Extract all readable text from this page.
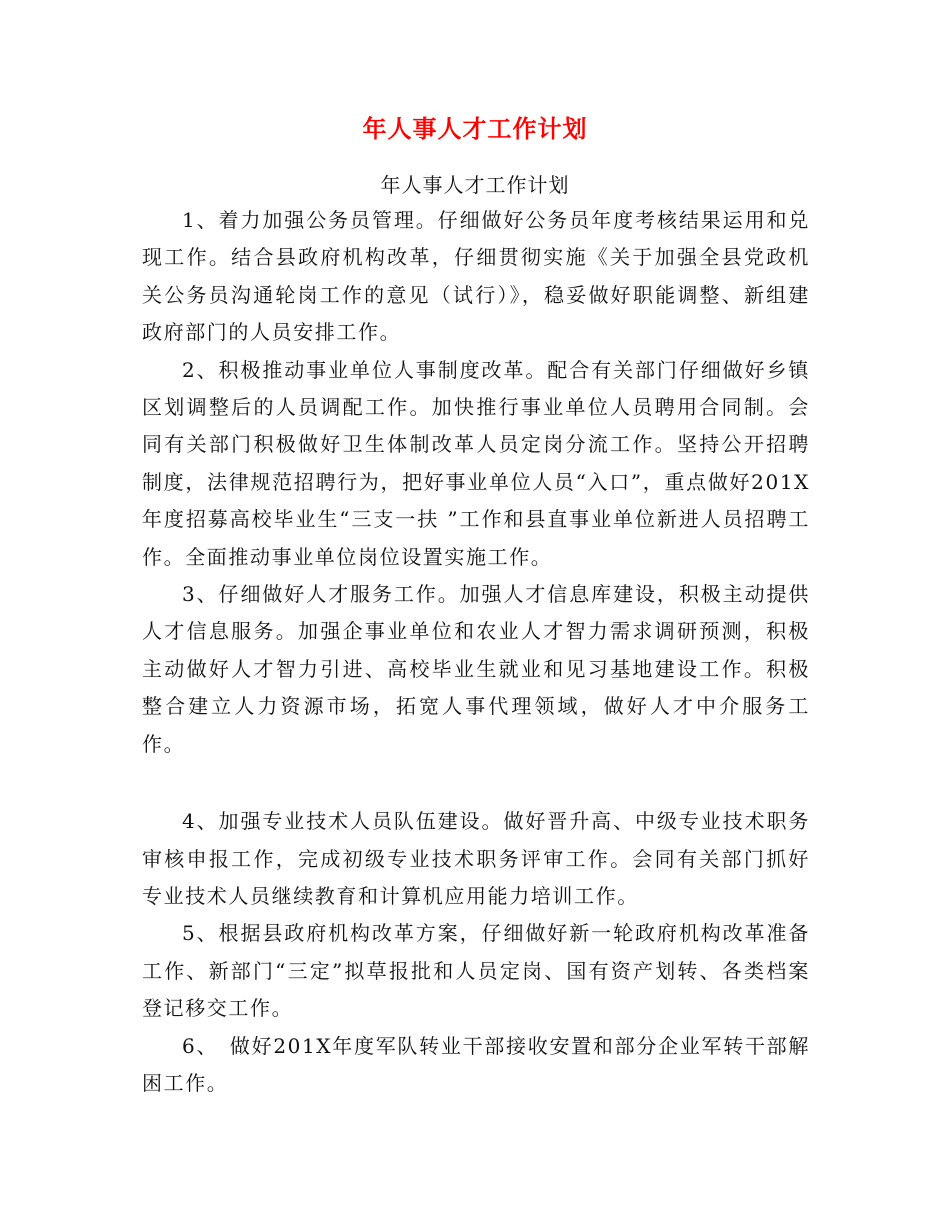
年人事人才工作计划
年人事人才工作计划

1、着力加强公务员管理。仔细做好公务员年度考核结果运用和兑现工作。结合县政府机构改革，仔细贯彻实施《关于加强全县党政机关公务员沟通轮岗工作的意见（试行）》，稳妥做好职能调整、新组建政府部门的人员安排工作。

2、积极推动事业单位人事制度改革。配合有关部门仔细做好乡镇区划调整后的人员调配工作。加快推行事业单位人员聘用合同制。会同有关部门积极做好卫生体制改革人员定岗分流工作。坚持公开招聘制度，法律规范招聘行为，把好事业单位人员“入口”，重点做好201X年度招募高校毕业生“三支一扶 ”工作和县直事业单位新进人员招聘工作。全面推动事业单位岗位设置实施工作。

3、仔细做好人才服务工作。加强人才信息库建设，积极主动提供人才信息服务。加强企事业单位和农业人才智力需求调研预测，积极主动做好人才智力引进、高校毕业生就业和见习基地建设工作。积极整合建立人力资源市场，拓宽人事代理领域，做好人才中介服务工作。

4、加强专业技术人员队伍建设。做好晋升高、中级专业技术职务审核申报工作，完成初级专业技术职务评审工作。会同有关部门抓好专业技术人员继续教育和计算机应用能力培训工作。

5、根据县政府机构改革方案，仔细做好新一轮政府机构改革准备工作、新部门“三定”拟草报批和人员定岗、国有资产划转、各类档案登记移交工作。

6、　做好201X年度军队转业干部接收安置和部分企业军转干部解困工作。
